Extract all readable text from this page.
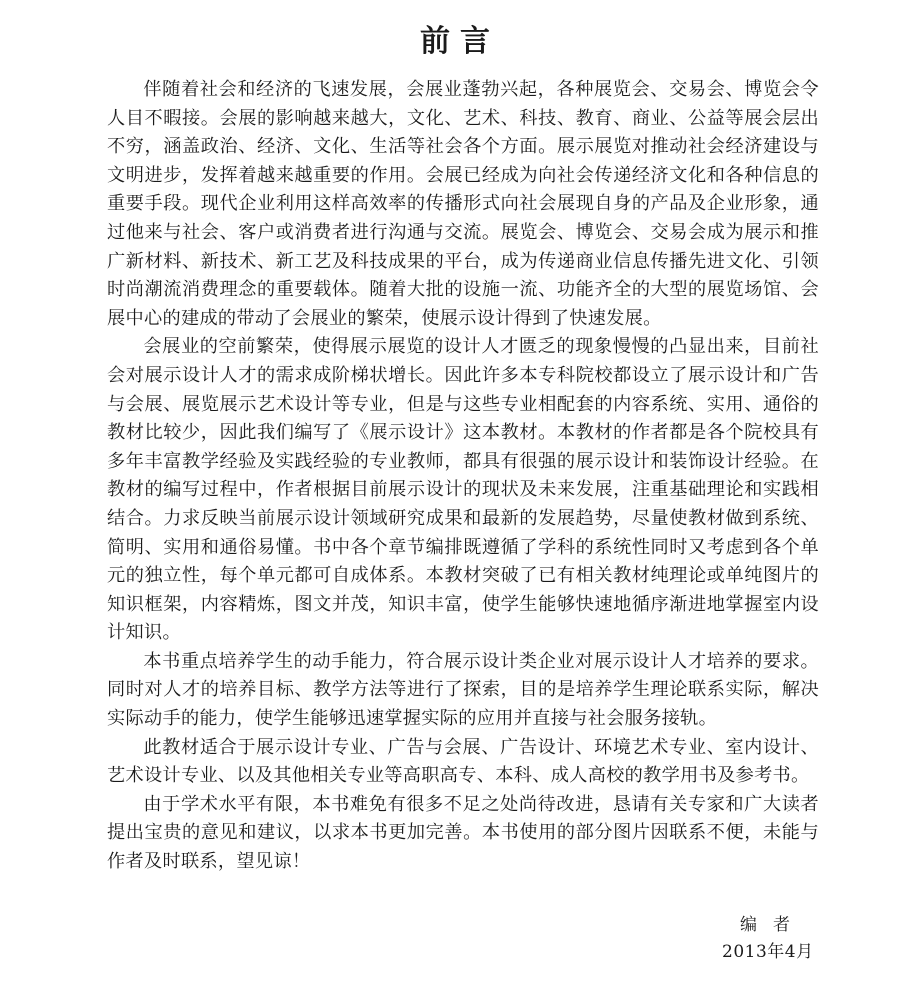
前言

伴随着社会和经济的飞速发展，会展业蓬勃兴起，各种展览会、交易会、博览会令人目不暇接。会展的影响越来越大，文化、艺术、科技、教育、商业、公益等展会层出不穷，涵盖政治、经济、文化、生活等社会各个方面。展示展览对推动社会经济建设与文明进步，发挥着越来越重要的作用。会展已经成为向社会传递经济文化和各种信息的重要手段。现代企业利用这样高效率的传播形式向社会展现自身的产品及企业形象，通过他来与社会、客户或消费者进行沟通与交流。展览会、博览会、交易会成为展示和推广新材料、新技术、新工艺及科技成果的平台，成为传递商业信息传播先进文化、引领时尚潮流消费理念的重要载体。随着大批的设施一流、功能齐全的大型的展览场馆、会展中心的建成的带动了会展业的繁荣，使展示设计得到了快速发展。

会展业的空前繁荣，使得展示展览的设计人才匮乏的现象慢慢的凸显出来，目前社会对展示设计人才的需求成阶梯状增长。因此许多本专科院校都设立了展示设计和广告与会展、展览展示艺术设计等专业，但是与这些专业相配套的内容系统、实用、通俗的教材比较少，因此我们编写了《展示设计》这本教材。本教材的作者都是各个院校具有多年丰富教学经验及实践经验的专业教师，都具有很强的展示设计和装饰设计经验。在教材的编写过程中，作者根据目前展示设计的现状及未来发展，注重基础理论和实践相结合。力求反映当前展示设计领域研究成果和最新的发展趋势，尽量使教材做到系统、简明、实用和通俗易懂。书中各个章节编排既遵循了学科的系统性同时又考虑到各个单元的独立性，每个单元都可自成体系。本教材突破了已有相关教材纯理论或单纯图片的知识框架，内容精炼，图文并茂，知识丰富，使学生能够快速地循序渐进地掌握室内设计知识。

本书重点培养学生的动手能力，符合展示设计类企业对展示设计人才培养的要求。同时对人才的培养目标、教学方法等进行了探索，目的是培养学生理论联系实际，解决实际动手的能力，使学生能够迅速掌握实际的应用并直接与社会服务接轨。

此教材适合于展示设计专业、广告与会展、广告设计、环境艺术专业、室内设计、艺术设计专业、以及其他相关专业等高职高专、本科、成人高校的教学用书及参考书。

由于学术水平有限，本书难免有很多不足之处尚待改进，恳请有关专家和广大读者提出宝贵的意见和建议，以求本书更加完善。本书使用的部分图片因联系不便，未能与作者及时联系，望见谅！

编者
2013年4月
